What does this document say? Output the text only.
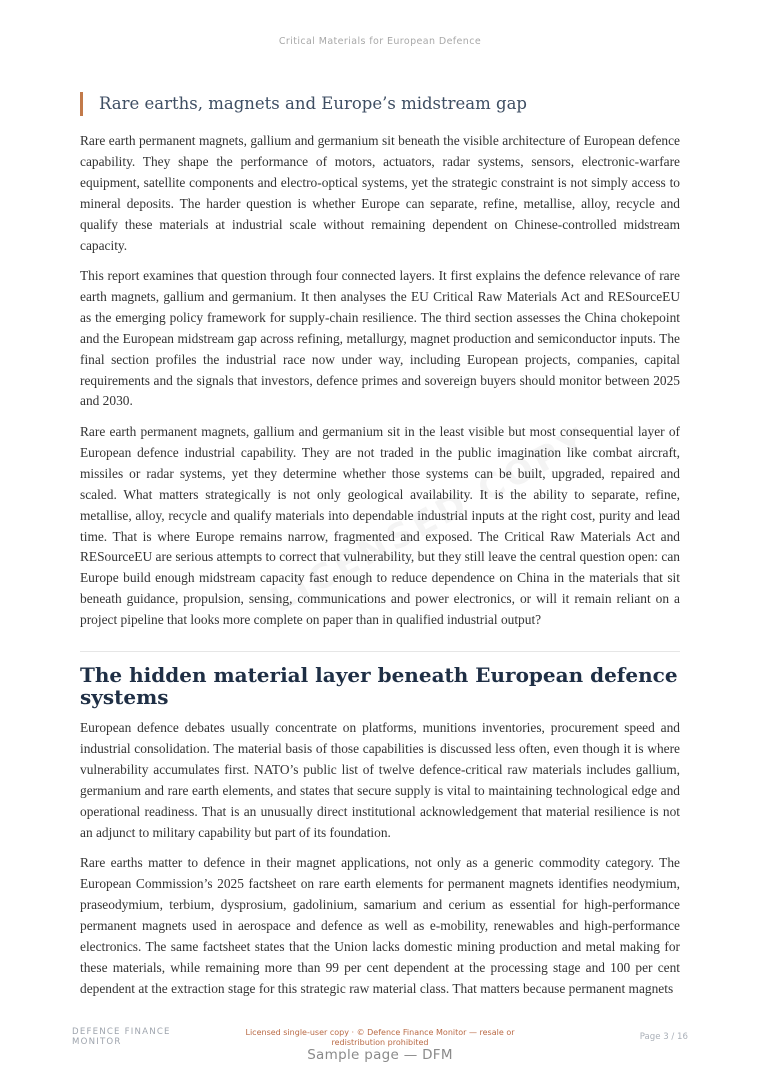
Critical Materials for European Defence
Rare earths, magnets and Europe’s midstream gap

Rare earth permanent magnets, gallium and germanium sit beneath the visible architecture of European defence capability. They shape the performance of motors, actuators, radar systems, sensors, electronic-warfare equipment, satellite components and electro-optical systems, yet the strategic constraint is not simply access to mineral deposits. The harder question is whether Europe can separate, refine, metallise, alloy, recycle and qualify these materials at industrial scale without remaining dependent on Chinese-controlled midstream capacity.

This report examines that question through four connected layers. It first explains the defence relevance of rare earth magnets, gallium and germanium. It then analyses the EU Critical Raw Materials Act and RESourceEU as the emerging policy framework for supply-chain resilience. The third section assesses the China chokepoint and the European midstream gap across refining, metallurgy, magnet production and semiconductor inputs. The final section profiles the industrial race now under way, including European projects, companies, capital requirements and the signals that investors, defence primes and sovereign buyers should monitor between 2025 and 2030.

Rare earth permanent magnets, gallium and germanium sit in the least visible but most consequential layer of European defence industrial capability. They are not traded in the public imagination like combat aircraft, missiles or radar systems, yet they determine whether those systems can be built, upgraded, repaired and scaled. What matters strategically is not only geological availability. It is the ability to separate, refine, metallise, alloy, recycle and qualify materials into dependable industrial inputs at the right cost, purity and lead time. That is where Europe remains narrow, fragmented and exposed. The Critical Raw Materials Act and RESourceEU are serious attempts to correct that vulnerability, but they still leave the central question open: can Europe build enough midstream capacity fast enough to reduce dependence on China in the materials that sit beneath guidance, propulsion, sensing, communications and power electronics, or will it remain reliant on a project pipeline that looks more complete on paper than in qualified industrial output?

The hidden material layer beneath European defence systems

European defence debates usually concentrate on platforms, munitions inventories, procurement speed and industrial consolidation. The material basis of those capabilities is discussed less often, even though it is where vulnerability accumulates first. NATO’s public list of twelve defence-critical raw materials includes gallium, germanium and rare earth elements, and states that secure supply is vital to maintaining technological edge and operational readiness. That is an unusually direct institutional acknowledgement that material resilience is not an adjunct to military capability but part of its foundation.

Rare earths matter to defence in their magnet applications, not only as a generic commodity category. The European Commission’s 2025 factsheet on rare earth elements for permanent magnets identifies neodymium, praseodymium, terbium, dysprosium, gadolinium, samarium and cerium as essential for high-performance permanent magnets used in aerospace and defence as well as e-mobility, renewables and high-performance electronics. The same factsheet states that the Union lacks domestic mining production and metal making for these materials, while remaining more than 99 per cent dependent at the processing stage and 100 per cent dependent at the extraction stage for this strategic raw material class. That matters because permanent magnets

DEFENCE FINANCE
MONITOR
Licensed single-user copy · © Defence Finance Monitor — resale or redistribution prohibited
Page 3 / 16
Sample page — DFM
